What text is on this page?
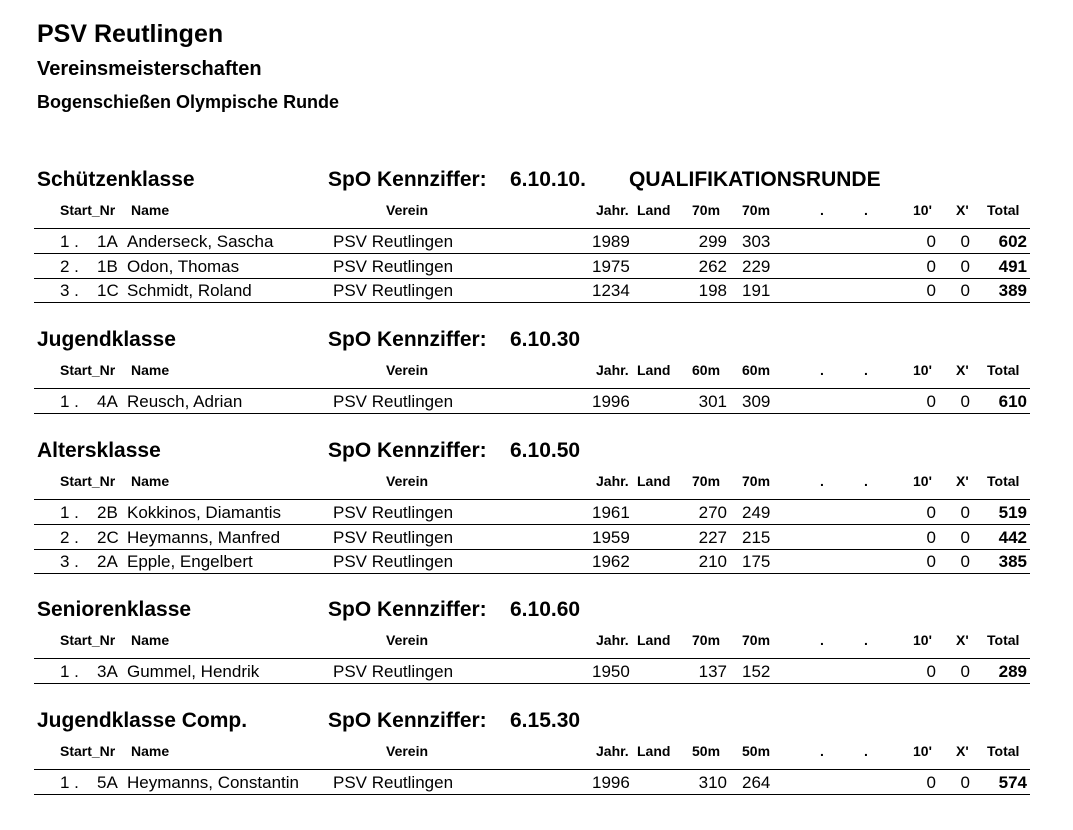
PSV Reutlingen
Vereinsmeisterschaften
Bogenschießen Olympische Runde
Schützenklasse	SpO Kennziffer: 6.10.10. QUALIFIKATIONSRUNDE
Start_Nr Name	Verein	Jahr. Land 70m 70m	.	.	10' X' Total
1 . 1A Anderseck, Sascha	PSV Reutlingen	1989	299 303	0 0 602
2 . 1B Odon, Thomas	PSV Reutlingen	1975	262 229	0 0 491
3 . 1C Schmidt, Roland	PSV Reutlingen	1234	198 191	0 0 389
Jugendklasse	SpO Kennziffer: 6.10.30
Start_Nr Name	Verein	Jahr. Land 60m 60m	.	.	10' X' Total
1 . 4A Reusch, Adrian	PSV Reutlingen	1996	301 309	0 0 610
Altersklasse	SpO Kennziffer: 6.10.50
Start_Nr Name	Verein	Jahr. Land 70m 70m	.	.	10' X' Total
1 . 2B Kokkinos, Diamantis	PSV Reutlingen	1961	270 249	0 0 519
2 . 2C Heymanns, Manfred	PSV Reutlingen	1959	227 215	0 0 442
3 . 2A Epple, Engelbert	PSV Reutlingen	1962	210 175	0 0 385
Seniorenklasse	SpO Kennziffer: 6.10.60
Start_Nr Name	Verein	Jahr. Land 70m 70m	.	.	10' X' Total
1 . 3A Gummel, Hendrik	PSV Reutlingen	1950	137 152	0 0 289
Jugendklasse Comp.	SpO Kennziffer: 6.15.30
Start_Nr Name	Verein	Jahr. Land 50m 50m	.	.	10' X' Total
1 . 5A Heymanns, Constantin PSV Reutlingen	1996	310 264	0 0 574
